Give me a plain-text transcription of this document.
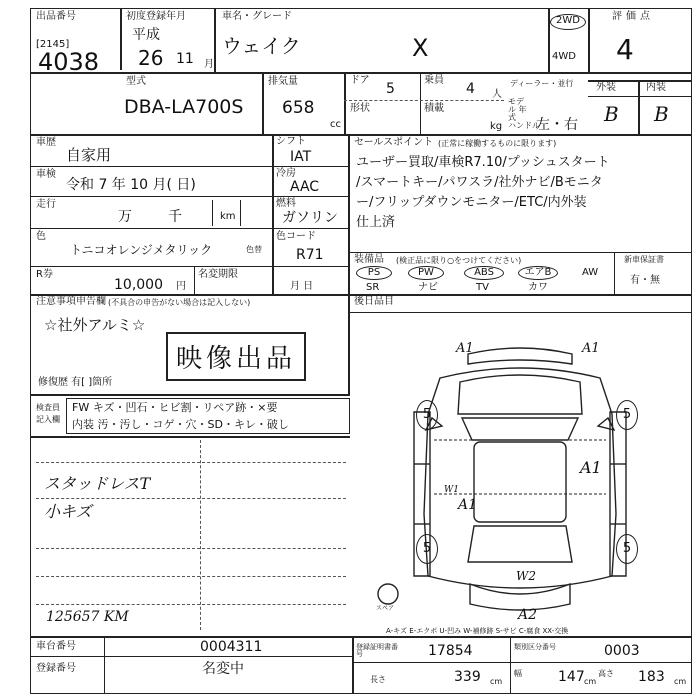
出品番号
[2145]
4038
初度登録年月
平成
26 11 月
車名・グレード
ウェイク	X
2WD
4WD
評価点
4
型式
DBA-LA700S
排気量
658
cc
ドア
5
乗員
4 人
ディーラー・並行
モデル 年式
形状	積載
kg ハンドル
左・右
外装	内装
B B
車歴
自家用
車検
令和 7 年 10 月( 日)
走行
万	千	km
色
トニコオレンジメタリック	色替
R券
10,000 円
名変期限
月 日
シフト
IAT
冷房
AAC
燃料
ガソリン
色コード
R71
セールスポイント (正常に稼働するものに限ります)
ユーザー買取/車検R7.10/プッシュスタート
/スマートキー/パワスラ/社外ナビ/Bモニタ
ー/フリップダウンモニター/ETC/内外装
仕上済
装備品 (検正品に限り○をつけてください)	新車保証書
有・無
PS	PW	ABS	エアB	AW
SR	ナビ	TV	カワ
注意事項申告欄 (不具合の申告がない場合は記入しない)
☆社外アルミ☆
映像出品
修復歴 有[ ]箇所
後日品目
検査員記入欄
FW キズ・凹石・ヒビ割・リペア跡・×要
内装 汚・汚し・コゲ・穴・SD・キレ・破し
スタッドレスT
小キズ
125657 KM
A1	A1
A1
W1
A1
W2
A2
5	5
5	5
スペア
A-キズ E-エクボ U-凹み W-補修跡 S-サビ C-腐食 XX-交換
車台番号	0004311
登録番号	名変中
登録証明書番号	17854	類別区分番号	0003
長さ	339 cm
幅	147 cm
高さ 183 cm
